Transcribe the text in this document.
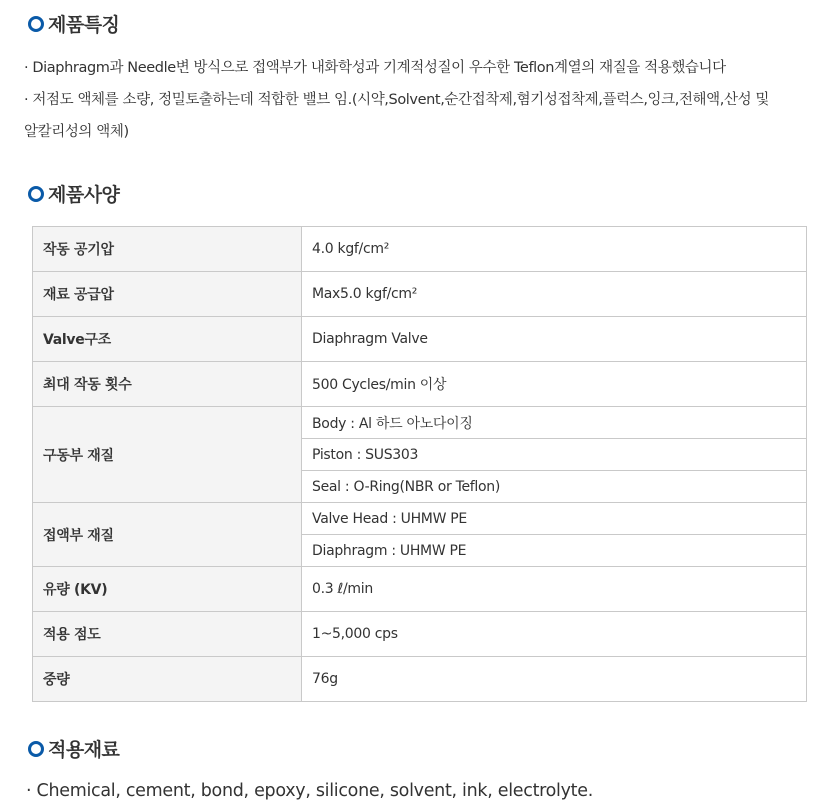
제품특징

· Diaphragm과 Needle변 방식으로 접액부가 내화학성과 기계적성질이 우수한 Teflon계열의 재질을 적용했습니다

· 저점도 액체를 소량, 정밀토출하는데 적합한 밸브 임.(시약,Solvent,순간접착제,혐기성접착제,플럭스,잉크,전해액,산성 및

알칼리성의 액체)

제품사양
작동 공기압	4.0 kgf/cm²
재료 공급압	Max5.0 kgf/cm²
Valve구조	Diaphragm Valve
최대 작동 횟수	500 Cycles/min 이상
구동부 재질	Body : Al 하드 아노다이징
	Piston : SUS303
	Seal : O-Ring(NBR or Teflon)
접액부 재질	Valve Head : UHMW PE
	Diaphragm : UHMW PE
유량 (KV)	0.3 ℓ/min
적용 점도	1~5,000 cps
중량	76g
적용재료
· Chemical, cement, bond, epoxy, silicone, solvent, ink, electrolyte.
